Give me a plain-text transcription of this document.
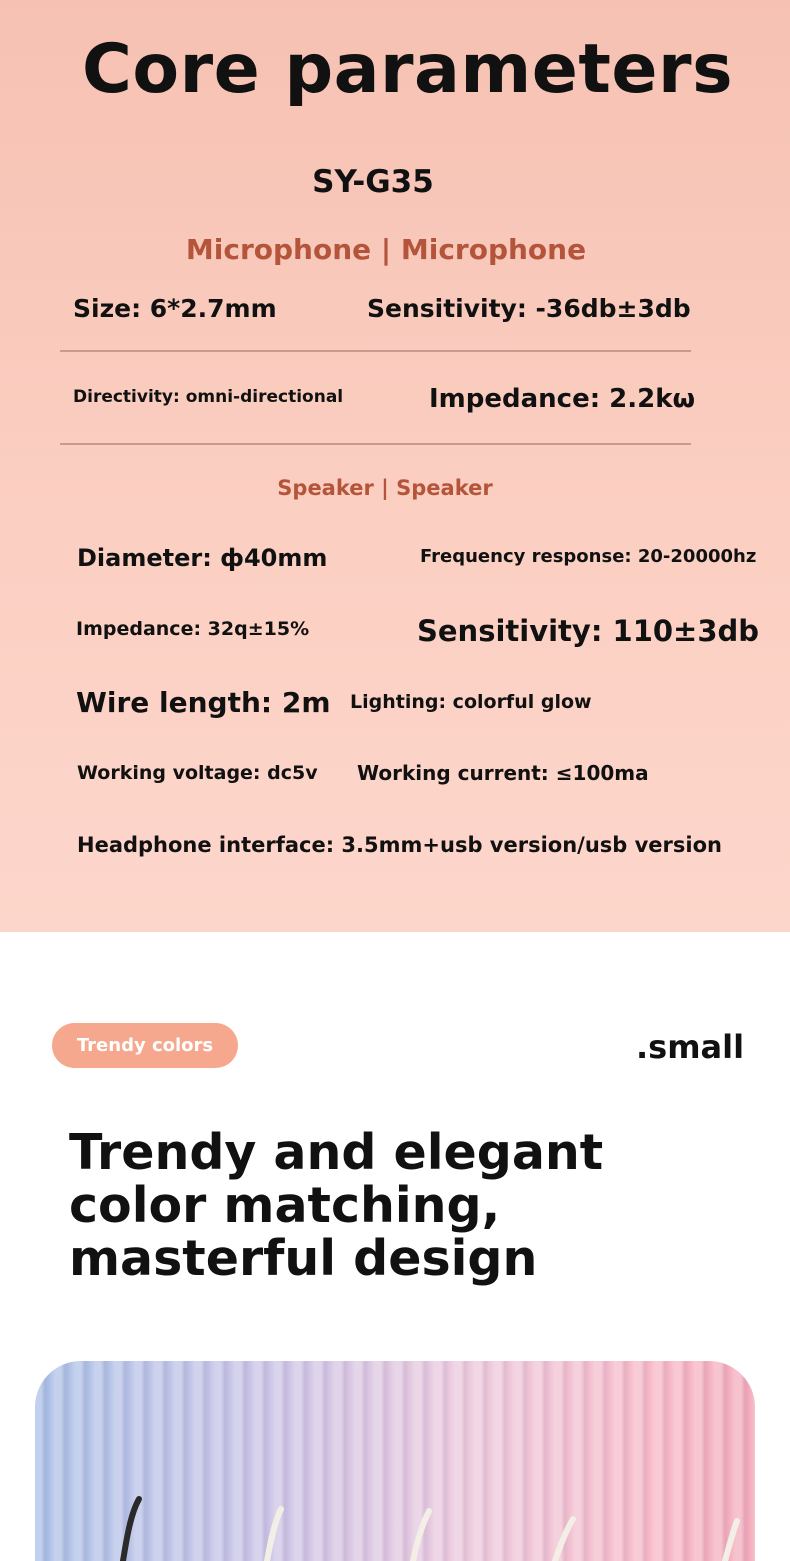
Core parameters
SY-G35
Microphone | Microphone
Size: 6*2.7mm	Sensitivity: -36db±3db
Directivity: omni-directional	Impedance: 2.2kω
Speaker | Speaker
Diameter: ф40mm	Frequency response: 20-20000hz
Impedance: 32q±15%	Sensitivity: 110±3db
Wire length: 2m Lighting: colorful glow
Working voltage: dc5v Working current: ≤100ma
Headphone interface: 3.5mm+usb version/usb version
Trendy colors	.small
Trendy and elegant color matching, masterful design
